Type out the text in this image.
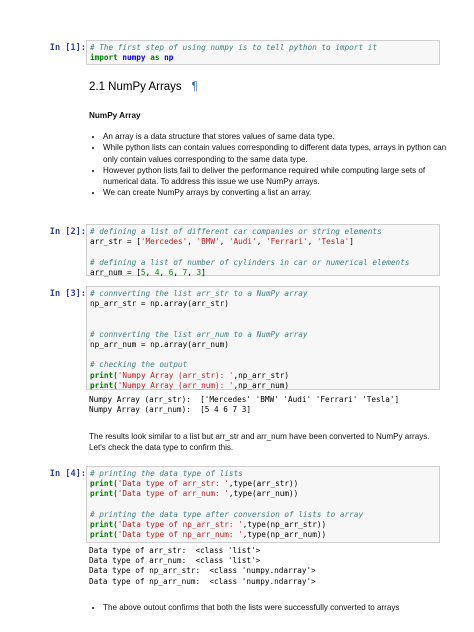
In [1]: # The first step of using numpy is to tell python to import it
import numpy as np
2.1 NumPy Arrays ¶
NumPy Array
• An array is a data structure that stores values of same data type.
• While python lists can contain values corresponding to different data types, arrays in python can only contain values corresponding to the same data type.
• However python lists fail to deliver the performance required while computing large sets of numerical data. To address this issue we use NumPy arrays.
• We can create NumPy arrays by converting a list an array.
In [2]: # defining a list of different car companies or string elements
arr_str = ['Mercedes', 'BMW', 'Audi', 'Ferrari', 'Tesla']

# defining a list of number of cylinders in car or numerical elements
arr_num = [5, 4, 6, 7, 3]
In [3]: # connverting the list arr_str to a NumPy array
np_arr_str = np.array(arr_str)

# connverting the list arr_num to a NumPy array
np_arr_num = np.array(arr_num)

# checking the output
print('Numpy Array (arr_str): ',np_arr_str)
print('Numpy Array (arr_num): ',np_arr_num)
Numpy Array (arr_str):  ['Mercedes' 'BMW' 'Audi' 'Ferrari' 'Tesla']
Numpy Array (arr_num):  [5 4 6 7 3]
The results look similar to a list but arr_str and arr_num have been converted to NumPy arrays. Let's check the data type to confirm this.
In [4]: # printing the data type of lists
print('Data type of arr_str: ',type(arr_str))
print('Data type of arr_num: ',type(arr_num))

# printing the data type after conversion of lists to array
print('Data type of np_arr_str: ',type(np_arr_str))
print('Data type of np_arr_num: ',type(np_arr_num))
Data type of arr_str:  <class 'list'>
Data type of arr_num:  <class 'list'>
Data type of np_arr_str:  <class 'numpy.ndarray'>
Data type of np_arr_num:  <class 'numpy.ndarray'>
• The above outout confirms that both the lists were successfully converted to arrays
